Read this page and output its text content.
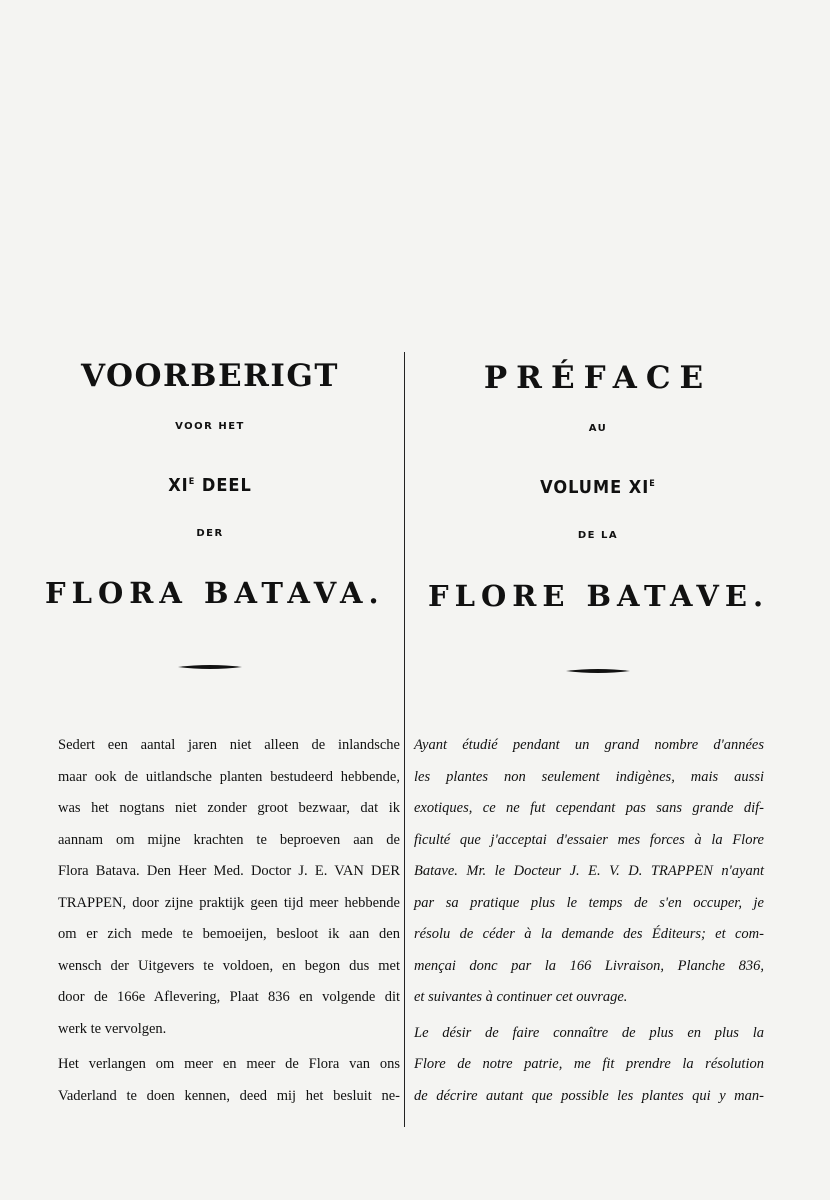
VOORBERIGT

VOOR HET

$XI^E$ DEEL

DER

FLORA BATAVA.
PRÉFACE

AU

VOLUME $XI^E$

DE LA

FLORE BATAVE.
Sedert een aantal jaren niet alleen de inlandsche
maar ook de uitlandsche planten bestudeerd hebbende,
was het nogtans niet zonder groot bezwaar, dat ik
aannam om mijne krachten te beproeven aan de
Flora Batava. Den Heer Med. Doctor J. E. VAN DER
TRAPPEN, door zijne praktijk geen tijd meer hebbende
om er zich mede te bemoeijen, besloot ik aan den
wensch der Uitgevers te voldoen, en begon dus met
door de 166e Aflevering, Plaat 836 en volgende dit
werk te vervolgen.
Het verlangen om meer en meer de Flora van ons
Vaderland te doen kennen, deed mij het besluit ne-
Ayant étudié pendant un grand nombre d'années
les plantes non seulement indigènes, mais aussi
exotiques, ce ne fut cependant pas sans grande dif-
ficulté que j'acceptai d'essaier mes forces à la Flore
Batave. Mr. le Docteur J. E. V. D. TRAPPEN n'ayant
par sa pratique plus le temps de s'en occuper, je
résolu de céder à la demande des Éditeurs; et com-
mençai donc par la 166 Livraison, Planche 836,
et suivantes à continuer cet ouvrage.
Le désir de faire connaître de plus en plus la
Flore de notre patrie, me fit prendre la résolution
de décrire autant que possible les plantes qui y man-
